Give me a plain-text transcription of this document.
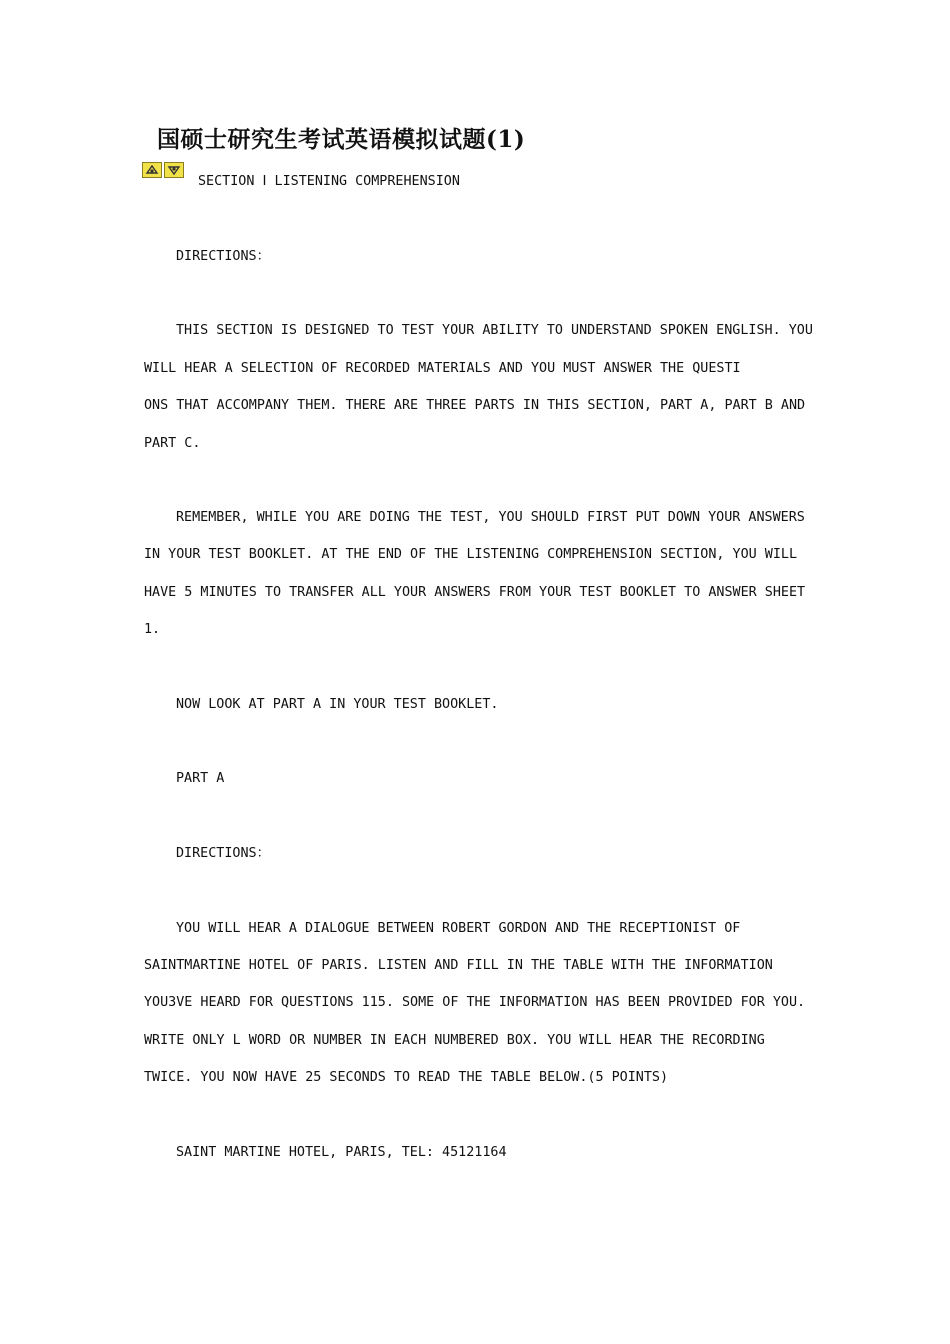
国硕士研究生考试英语模拟试题(1)
SECTION Ⅰ LISTENING COMPREHENSION
DIRECTIONS：
THIS SECTION IS DESIGNED TO TEST YOUR ABILITY TO UNDERSTAND SPOKEN ENGLISH. YOU
WILL HEAR A SELECTION OF RECORDED MATERIALS AND YOU MUST ANSWER THE QUESTI
ONS THAT ACCOMPANY THEM. THERE ARE THREE PARTS IN THIS SECTION, PART A, PART B AND
PART C.
REMEMBER, WHILE YOU ARE DOING THE TEST, YOU SHOULD FIRST PUT DOWN YOUR ANSWERS
IN YOUR TEST BOOKLET. AT THE END OF THE LISTENING COMPREHENSION SECTION, YOU WILL
HAVE 5 MINUTES TO TRANSFER ALL YOUR ANSWERS FROM YOUR TEST BOOKLET TO ANSWER SHEET
1.
NOW LOOK AT PART A IN YOUR TEST BOOKLET.
PART A
DIRECTIONS：
YOU WILL HEAR A DIALOGUE BETWEEN ROBERT GORDON AND THE RECEPTIONIST OF
SAINTMARTINE HOTEL OF PARIS. LISTEN AND FILL IN THE TABLE WITH THE INFORMATION
YOU3VE HEARD FOR QUESTIONS 115. SOME OF THE INFORMATION HAS BEEN PROVIDED FOR YOU.
WRITE ONLY L WORD OR NUMBER IN EACH NUMBERED BOX. YOU WILL HEAR THE RECORDING
TWICE. YOU NOW HAVE 25 SECONDS TO READ THE TABLE BELOW.(5 POINTS)
SAINT MARTINE HOTEL, PARIS, TEL: 45121164
